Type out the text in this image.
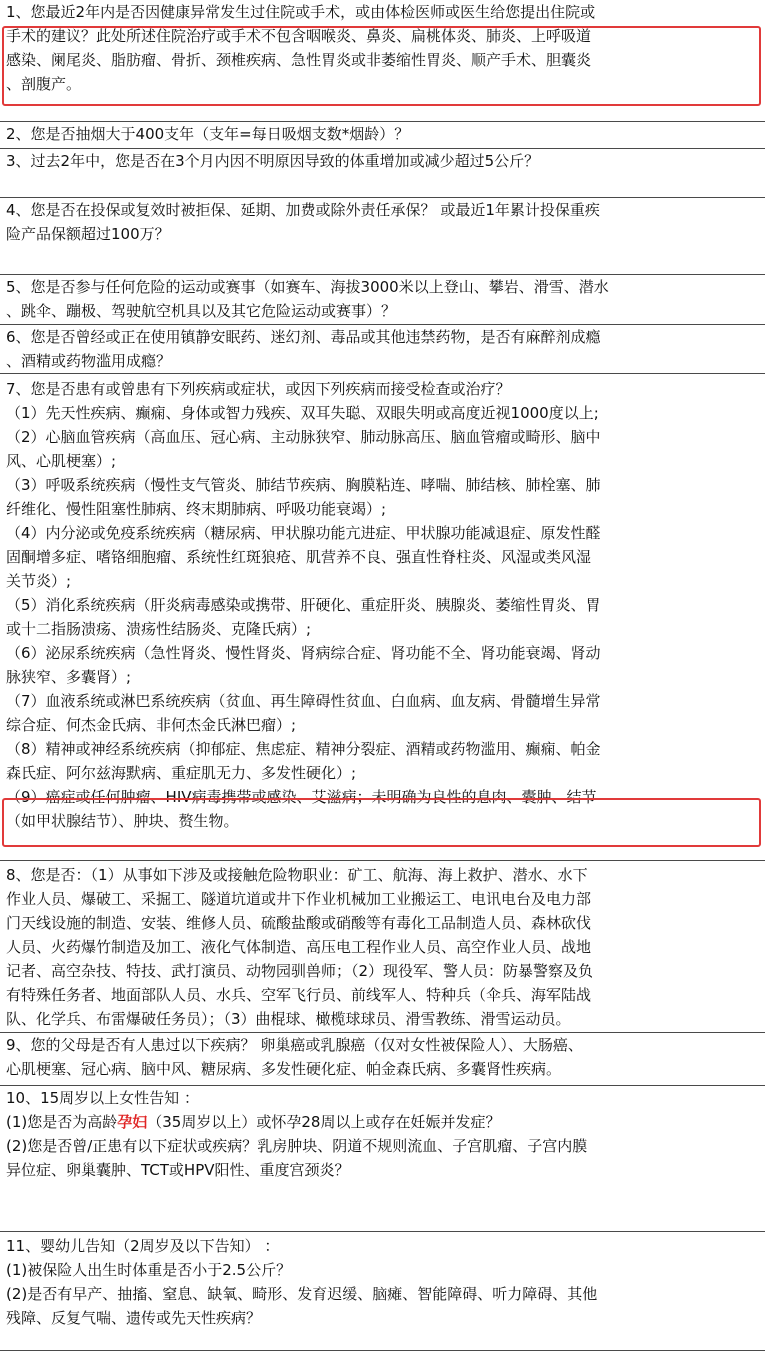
1、您最近2年内是否因健康异常发生过住院或手术，或由体检医师或医生给您提出住院或
手术的建议？此处所述住院治疗或手术不包含咽喉炎、鼻炎、扁桃体炎、肺炎、上呼吸道
感染、阑尾炎、脂肪瘤、骨折、颈椎疾病、急性胃炎或非萎缩性胃炎、顺产手术、胆囊炎
、剖腹产。
2、您是否抽烟大于400支年（支年=每日吸烟支数*烟龄）？
3、过去2年中，您是否在3个月内因不明原因导致的体重增加或减少超过5公斤？
4、您是否在投保或复效时被拒保、延期、加费或除外责任承保？ 或最近1年累计投保重疾
险产品保额超过100万？
5、您是否参与任何危险的运动或赛事（如赛车、海拔3000米以上登山、攀岩、滑雪、潜水
、跳伞、蹦极、驾驶航空机具以及其它危险运动或赛事）？
6、您是否曾经或正在使用镇静安眠药、迷幻剂、毒品或其他违禁药物，是否有麻醉剂成瘾
、酒精或药物滥用成瘾？
7、您是否患有或曾患有下列疾病或症状，或因下列疾病而接受检查或治疗？
（1）先天性疾病、癫痫、身体或智力残疾、双耳失聪、双眼失明或高度近视1000度以上;
（2）心脑血管疾病（高血压、冠心病、主动脉狭窄、肺动脉高压、脑血管瘤或畸形、脑中
风、心肌梗塞）;
（3）呼吸系统疾病（慢性支气管炎、肺结节疾病、胸膜粘连、哮喘、肺结核、肺栓塞、肺
纤维化、慢性阻塞性肺病、终末期肺病、呼吸功能衰竭）;
（4）内分泌或免疫系统疾病（糖尿病、甲状腺功能亢进症、甲状腺功能减退症、原发性醛
固酮增多症、嗜铬细胞瘤、系统性红斑狼疮、肌营养不良、强直性脊柱炎、风湿或类风湿
关节炎）;
（5）消化系统疾病（肝炎病毒感染或携带、肝硬化、重症肝炎、胰腺炎、萎缩性胃炎、胃
或十二指肠溃疡、溃疡性结肠炎、克隆氏病）;
（6）泌尿系统疾病（急性肾炎、慢性肾炎、肾病综合症、肾功能不全、肾功能衰竭、肾动
脉狭窄、多囊肾）;
（7）血液系统或淋巴系统疾病（贫血、再生障碍性贫血、白血病、血友病、骨髓增生异常
综合症、何杰金氏病、非何杰金氏淋巴瘤）;
（8）精神或神经系统疾病（抑郁症、焦虑症、精神分裂症、酒精或药物滥用、癫痫、帕金
森氏症、阿尔兹海默病、重症肌无力、多发性硬化）;
（9）癌症或任何肿瘤、HIV病毒携带或感染、艾滋病；未明确为良性的息肉、囊肿、结节
（如甲状腺结节）、肿块、赘生物。
8、您是否：（1）从事如下涉及或接触危险物职业：矿工、航海、海上救护、潜水、水下
作业人员、爆破工、采掘工、隧道坑道或井下作业机械加工业搬运工、电讯电台及电力部
门天线设施的制造、安装、维修人员、硫酸盐酸或硝酸等有毒化工品制造人员、森林砍伐
人员、火药爆竹制造及加工、液化气体制造、高压电工程作业人员、高空作业人员、战地
记者、高空杂技、特技、武打演员、动物园驯兽师；（2）现役军、警人员：防暴警察及负
有特殊任务者、地面部队人员、水兵、空军飞行员、前线军人、特种兵（伞兵、海军陆战
队、化学兵、布雷爆破任务员）；（3）曲棍球、橄榄球球员、滑雪教练、滑雪运动员。
9、您的父母是否有人患过以下疾病？ 卵巢癌或乳腺癌（仅对女性被保险人）、大肠癌、
心肌梗塞、冠心病、脑中风、糖尿病、多发性硬化症、帕金森氏病、多囊肾性疾病。
10、15周岁以上女性告知 ：
(1)您是否为高龄孕妇（35周岁以上）或怀孕28周以上或存在妊娠并发症？
(2)您是否曾/正患有以下症状或疾病？乳房肿块、阴道不规则流血、子宫肌瘤、子宫内膜
异位症、卵巢囊肿、TCT或HPV阳性、重度宫颈炎？
11、婴幼儿告知（2周岁及以下告知） ：
(1)被保险人出生时体重是否小于2.5公斤？
(2)是否有早产、抽搐、窒息、缺氧、畸形、发育迟缓、脑瘫、智能障碍、听力障碍、其他
残障、反复气喘、遗传或先天性疾病？
